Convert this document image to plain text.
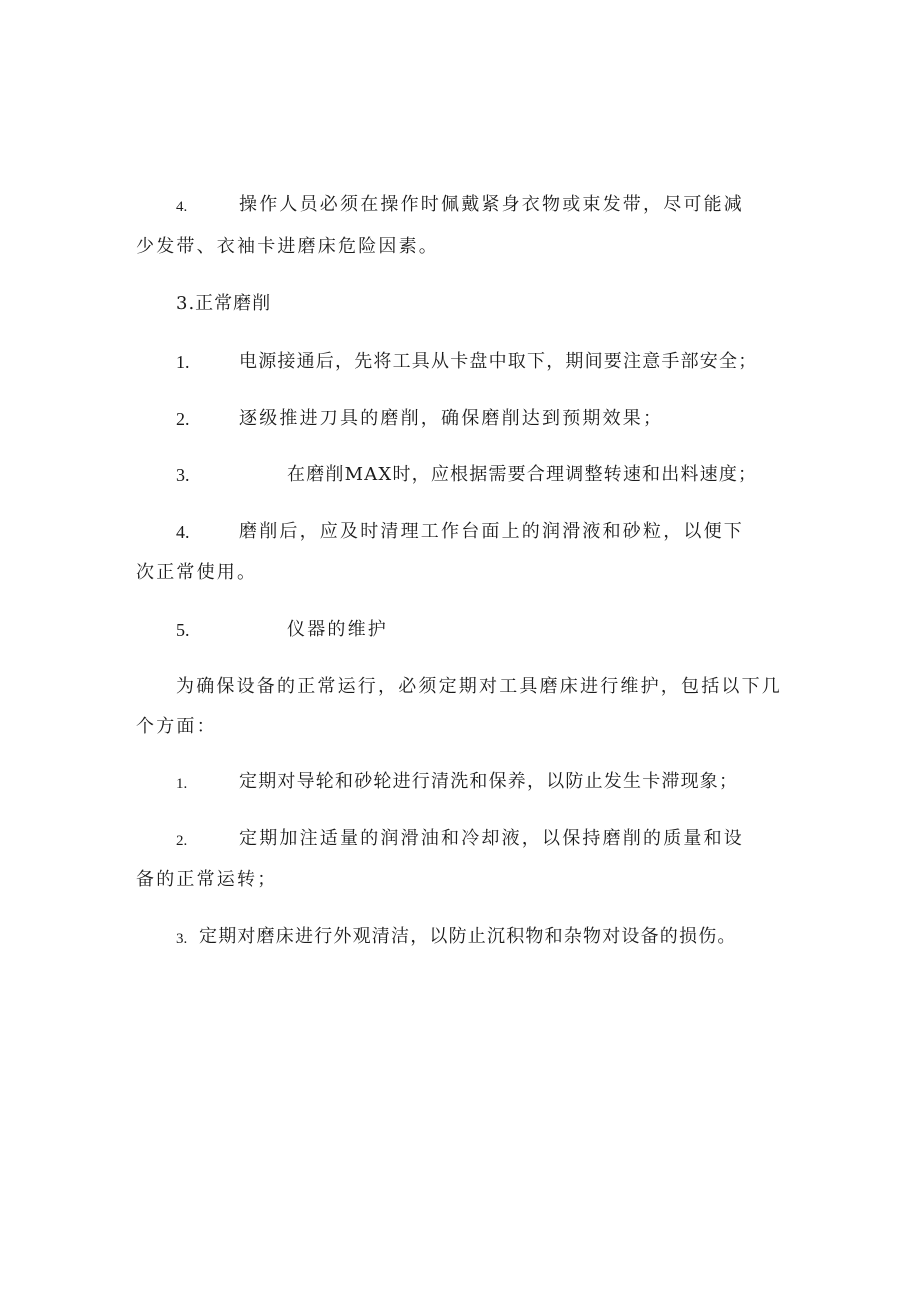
4.	操作人员必须在操作时佩戴紧身衣物或束发带，尽可能减
少发带、衣袖卡进磨床危险因素。
3.正常磨削
1.	电源接通后，先将工具从卡盘中取下，期间要注意手部安全；
2.	逐级推进刀具的磨削，确保磨削达到预期效果；
3.	在磨削MAX时，应根据需要合理调整转速和出料速度；
4.	磨削后，应及时清理工作台面上的润滑液和砂粒，以便下
次正常使用。
5.	仪器的维护
为确保设备的正常运行，必须定期对工具磨床进行维护，包括以下几
个方面：
1.	定期对导轮和砂轮进行清洗和保养，以防止发生卡滞现象；
2.	定期加注适量的润滑油和冷却液，以保持磨削的质量和设
备的正常运转；
3. 定期对磨床进行外观清洁，以防止沉积物和杂物对设备的损伤。
